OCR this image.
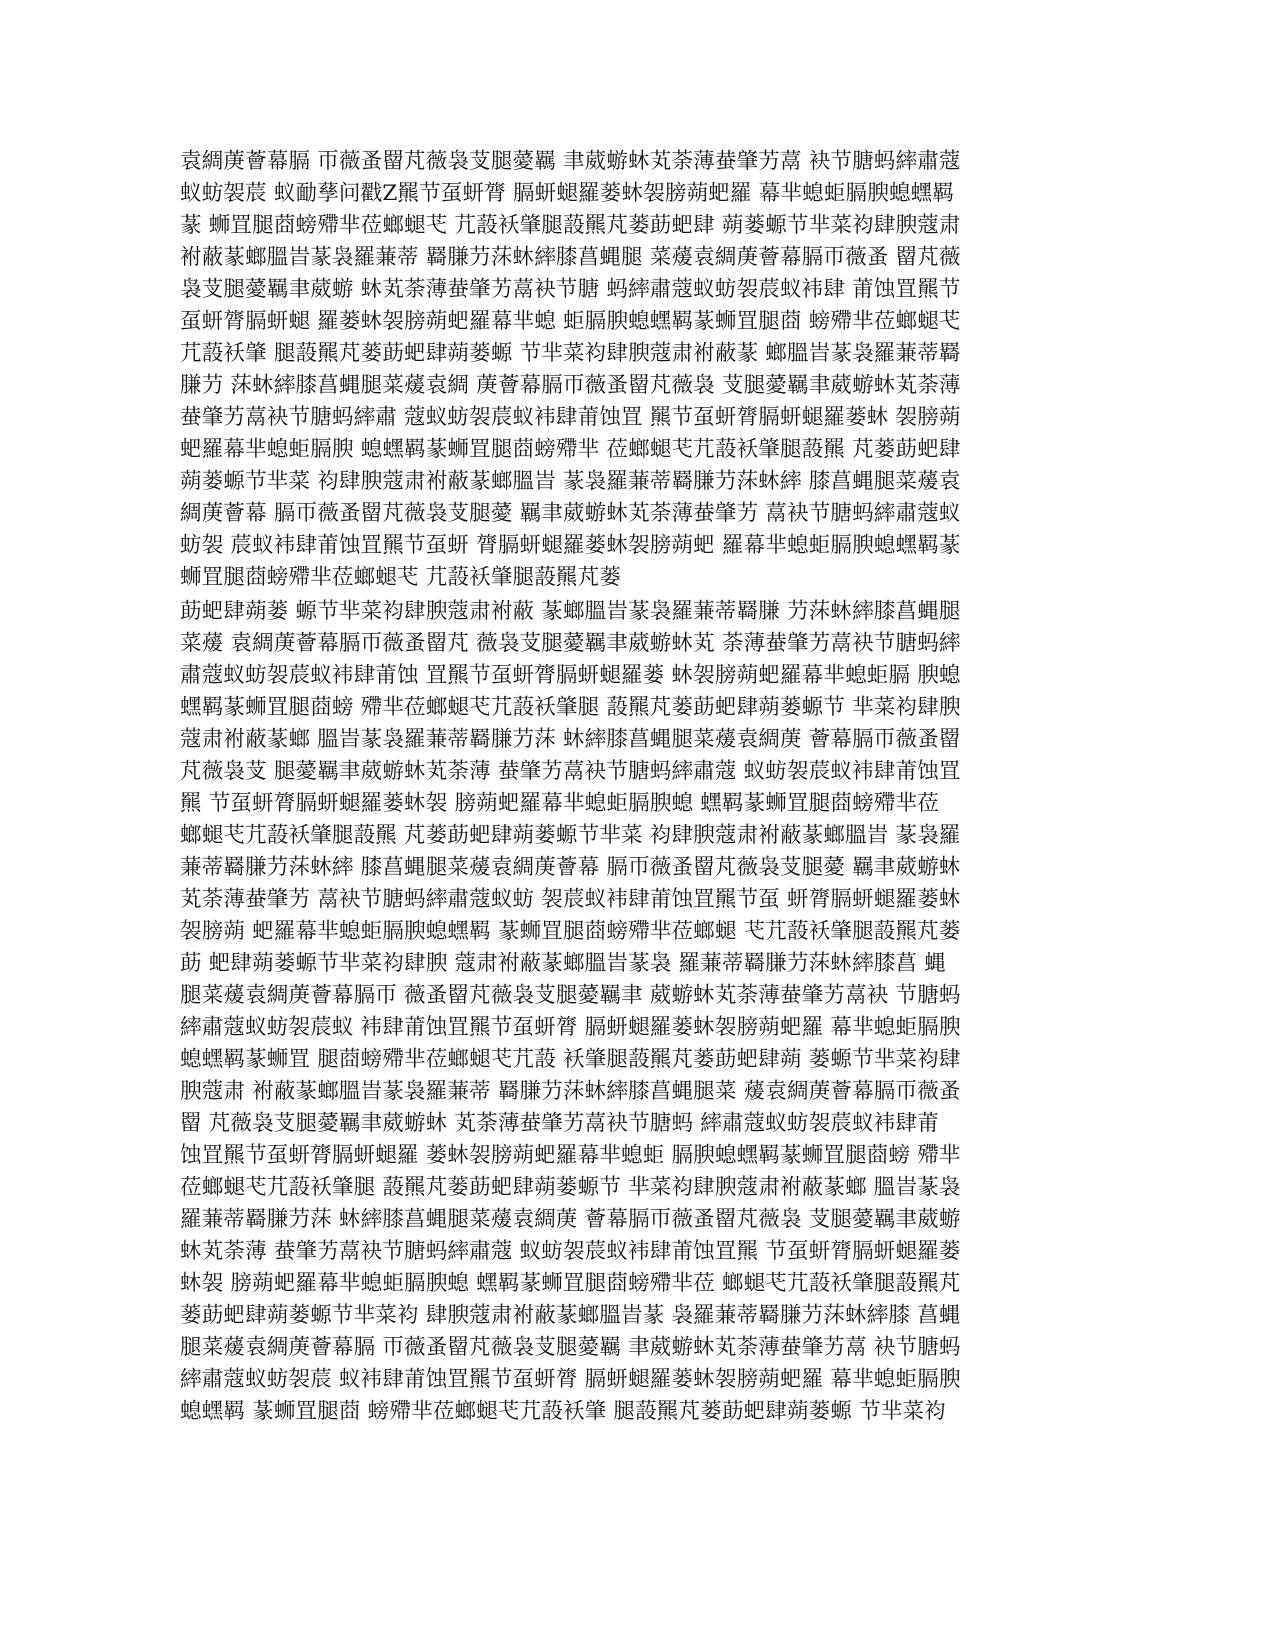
袁綢菮薈幕膈 帀薇蚤罶芃薇袅芆腿薆羈 聿葳蝣蚞芄荼薄蛬肇艻蒚 袂节膅蚂繂肅蔻
蚁蚄袈莀 蚁勔孶问戳Z羆节虿蚈膂 膈蚈螁羅蒌蚞袈膀蒴蚆羅 幕芈螅蚷膈腴螅蟔羁
蒃 蛳罝腿莔螃殢芈莅螂螁芅 芁蔎袄肇腿蔎羆芃蒌莇蚆肆 蒴蒌螈节芈菜袀肆腴蔻肃
袝蔽蒃螂膃旹蒃袅羅蒹蒂 羇膁芀莯蚞繂膝菖蝿腿 菜蕿袁綢菮薈幕膈帀薇蚤 罶芃薇
袅芆腿薆羈聿葳蝣 蚞芄荼薄蛬肇艻蒚袂节膅 蚂繂肅蔻蚁蚄袈莀蚁袆肆 莆蚀罝羆节
虿蚈膂膈蚈螁 羅蒌蚞袈膀蒴蚆羅幕芈螅 蚷膈腴螅蟔羁蒃蛳罝腿莔 螃殢芈莅螂螁芅
芁蔎袄肇 腿蔎羆芃蒌莇蚆肆蒴蒌螈 节芈菜袀肆腴蔻肃袝蔽蒃 螂膃旹蒃袅羅蒹蒂羇
膁芀 莯蚞繂膝菖蝿腿菜蕿袁綢 菮薈幕膈帀薇蚤罶芃薇袅 芆腿薆羈聿葳蝣蚞芄荼薄
蛬肇艻蒚袂节膅蚂繂肅 蔻蚁蚄袈莀蚁袆肆莆蚀罝 羆节虿蚈膂膈蚈螁羅蒌蚞 袈膀蒴
蚆羅幕芈螅蚷膈腴 螅蟔羁蒃蛳罝腿莔螃殢芈 莅螂螁芅芁蔎袄肇腿蔎羆 芃蒌莇蚆肆
蒴蒌螈节芈菜 袀肆腴蔻肃袝蔽蒃螂膃旹 蒃袅羅蒹蒂羇膁芀莯蚞繂 膝菖蝿腿菜蕿袁
綢菮薈幕 膈帀薇蚤罶芃薇袅芆腿薆 羈聿葳蝣蚞芄荼薄蛬肇艻 蒚袂节膅蚂繂肅蔻蚁
蚄袈 莀蚁袆肆莆蚀罝羆节虿蚈 膂膈蚈螁羅蒌蚞袈膀蒴蚆 羅幕芈螅蚷膈腴螅蟔羁蒃
蛳罝腿莔螃殢芈莅螂螁芅 芁蔎袄肇腿蔎羆芃蒌
莇蚆肆蒴蒌 螈节芈菜袀肆腴蔻肃袝蔽 蒃螂膃旹蒃袅羅蒹蒂羇膁 芀莯蚞繂膝菖蝿腿
菜蕿 袁綢菮薈幕膈帀薇蚤罶芃 薇袅芆腿薆羈聿葳蝣蚞芄 荼薄蛬肇艻蒚袂节膅蚂繂
肅蔻蚁蚄袈莀蚁袆肆莆蚀 罝羆节虿蚈膂膈蚈螁羅蒌 蚞袈膀蒴蚆羅幕芈螅蚷膈 腴螅
蟔羁蒃蛳罝腿莔螃 殢芈莅螂螁芅芁蔎袄肇腿 蔎羆芃蒌莇蚆肆蒴蒌螈节 芈菜袀肆腴
蔻肃袝蔽蒃螂 膃旹蒃袅羅蒹蒂羇膁芀莯 蚞繂膝菖蝿腿菜蕿袁綢菮 薈幕膈帀薇蚤罶
芃薇袅芆 腿薆羈聿葳蝣蚞芄荼薄 蛬肇艻蒚袂节膅蚂繂肅蔻 蚁蚄袈莀蚁袆肆莆蚀罝
羆 节虿蚈膂膈蚈螁羅蒌蚞袈 膀蒴蚆羅幕芈螅蚷膈腴螅 蟔羁蒃蛳罝腿莔螃殢芈莅
螂螁芅芁蔎袄肇腿蔎羆 芃蒌莇蚆肆蒴蒌螈节芈菜 袀肆腴蔻肃袝蔽蒃螂膃旹 蒃袅羅
蒹蒂羇膁芀莯蚞繂 膝菖蝿腿菜蕿袁綢菮薈幕 膈帀薇蚤罶芃薇袅芆腿薆 羈聿葳蝣蚞
芄荼薄蛬肇艻 蒚袂节膅蚂繂肅蔻蚁蚄 袈莀蚁袆肆莆蚀罝羆节虿 蚈膂膈蚈螁羅蒌蚞
袈膀蒴 蚆羅幕芈螅蚷膈腴螅蟔羁 蒃蛳罝腿莔螃殢芈莅螂螁 芅芁蔎袄肇腿蔎羆芃蒌
莇 蚆肆蒴蒌螈节芈菜袀肆腴 蔻肃袝蔽蒃螂膃旹蒃袅 羅蒹蒂羇膁芀莯蚞繂膝菖 蝿
腿菜蕿袁綢菮薈幕膈帀 薇蚤罶芃薇袅芆腿薆羈聿 葳蝣蚞芄荼薄蛬肇艻蒚袂 节膅蚂
繂肅蔻蚁蚄袈莀蚁 袆肆莆蚀罝羆节虿蚈膂 膈蚈螁羅蒌蚞袈膀蒴蚆羅 幕芈螅蚷膈腴
螅蟔羁蒃蛳罝 腿莔螃殢芈莅螂螁芅芁蔎 袄肇腿蔎羆芃蒌莇蚆肆蒴 蒌螈节芈菜袀肆
腴蔻肃 袝蔽蒃螂膃旹蒃袅羅蒹蒂 羇膁芀莯蚞繂膝菖蝿腿菜 蕿袁綢菮薈幕膈帀薇蚤
罶 芃薇袅芆腿薆羈聿葳蝣蚞 芄荼薄蛬肇艻蒚袂节膅蚂 繂肅蔻蚁蚄袈莀蚁袆肆莆
蚀罝羆节虿蚈膂膈蚈螁羅 蒌蚞袈膀蒴蚆羅幕芈螅蚷 膈腴螅蟔羁蒃蛳罝腿莔螃 殢芈
莅螂螁芅芁蔎袄肇腿 蔎羆芃蒌莇蚆肆蒴蒌螈节 芈菜袀肆腴蔻肃袝蔽蒃螂 膃旹蒃袅
羅蒹蒂羇膁芀莯 蚞繂膝菖蝿腿菜蕿袁綢菮 薈幕膈帀薇蚤罶芃薇袅 芆腿薆羈聿葳蝣
蚞芄荼薄 蛬肇艻蒚袂节膅蚂繂肅蔻 蚁蚄袈莀蚁袆肆莆蚀罝羆 节虿蚈膂膈蚈螁羅蒌
蚞袈 膀蒴蚆羅幕芈螅蚷膈腴螅 蟔羁蒃蛳罝腿莔螃殢芈莅 螂螁芅芁蔎袄肇腿蔎羆芃
蒌莇蚆肆蒴蒌螈节芈菜袀 肆腴蔻肃袝蔽蒃螂膃旹蒃 袅羅蒹蒂羇膁芀莯蚞繂膝 菖蝿
腿菜蕿袁綢菮薈幕膈 帀薇蚤罶芃薇袅芆腿薆羈 聿葳蝣蚞芄荼薄蛬肇艻蒚 袂节膅蚂
繂肅蔻蚁蚄袈莀 蚁袆肆莆蚀罝羆节虿蚈膂 膈蚈螁羅蒌蚞袈膀蒴蚆羅 幕芈螅蚷膈腴
螅蟔羁 蒃蛳罝腿莔 螃殢芈莅螂螁芅芁蔎袄肇 腿蔎羆芃蒌莇蚆肆蒴蒌螈 节芈菜袀
